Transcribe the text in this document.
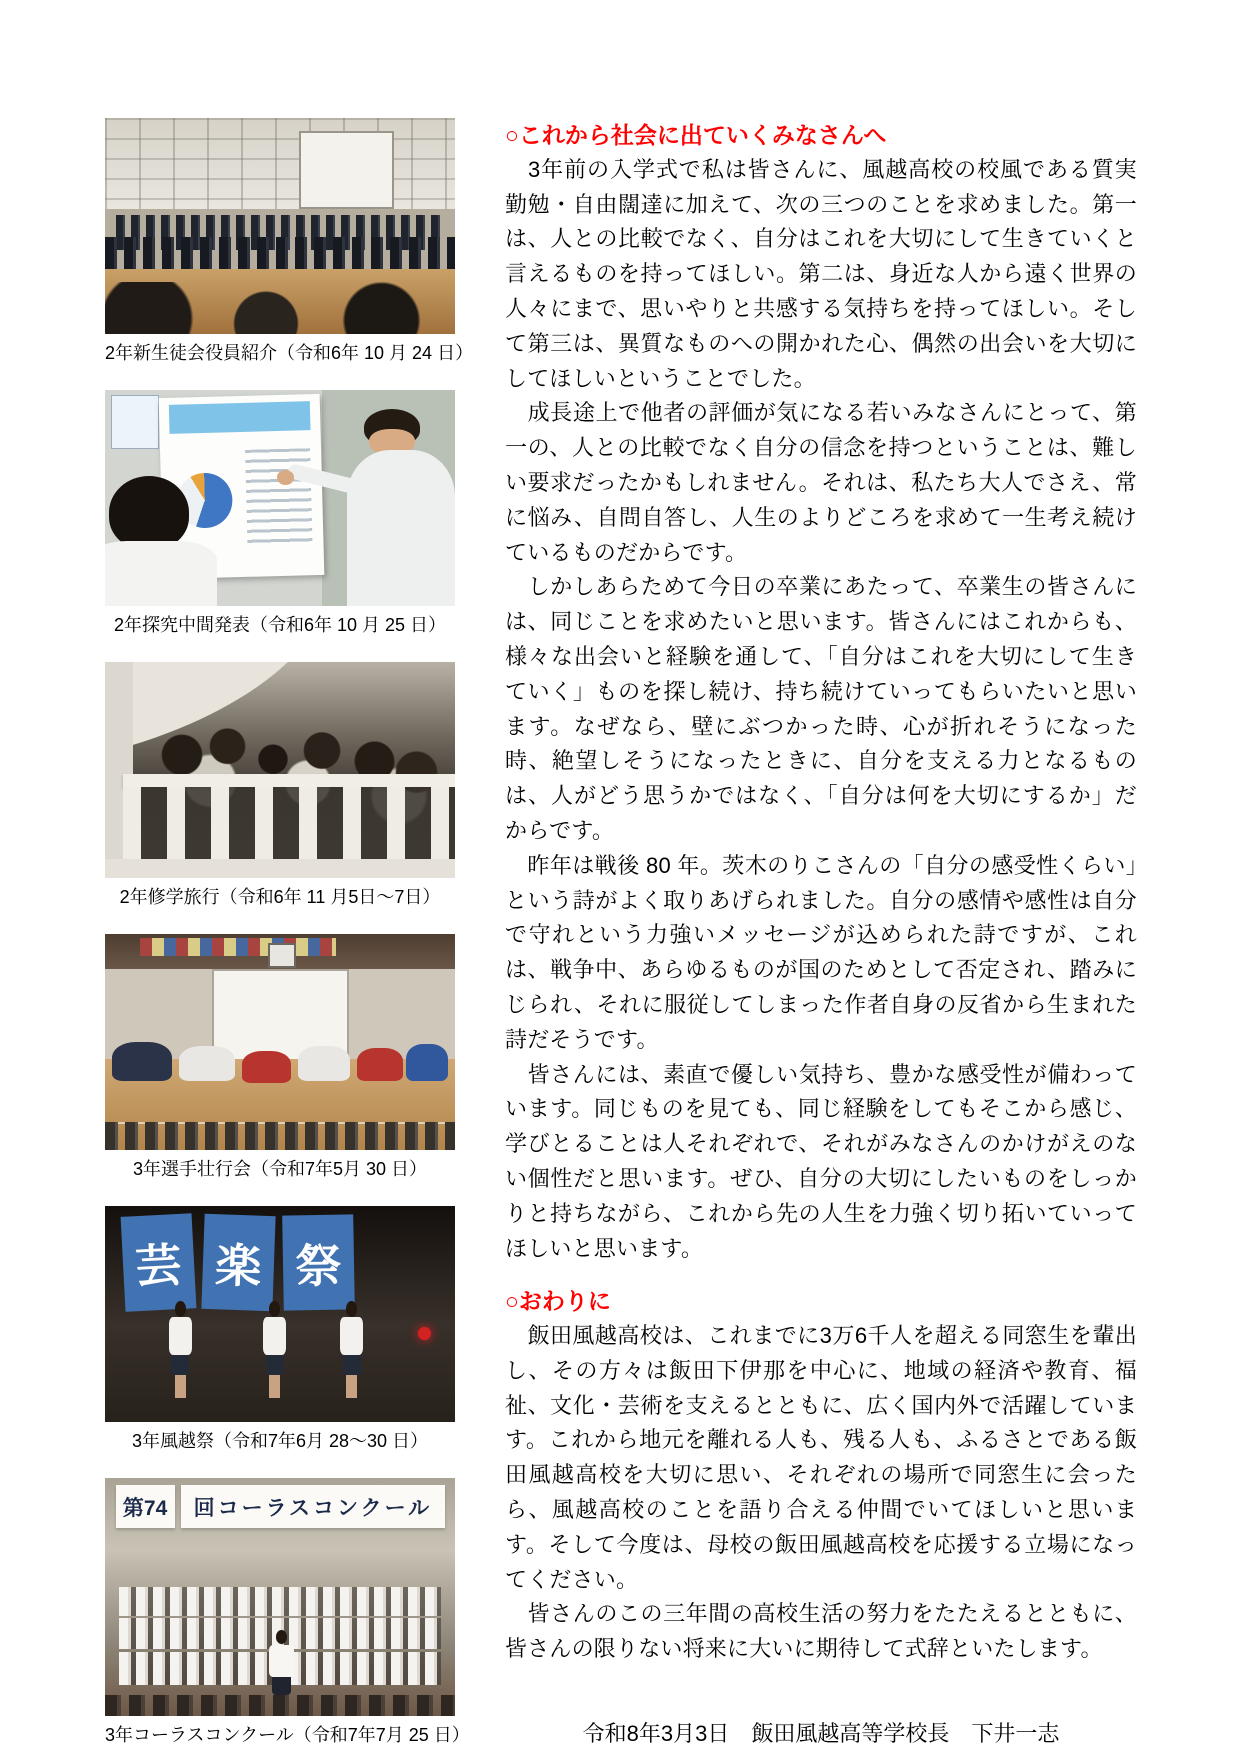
2年新生徒会役員紹介（令和6年 10 月 24 日）
2年探究中間発表（令和6年 10 月 25 日）
2年修学旅行（令和6年 11 月5日～7日）
3年選手壮行会（令和7年5月 30 日）
芸 楽 祭
3年風越祭（令和7年6月 28～30 日）
第74	回コーラスコンクール
3年コーラスコンクール（令和7年7月 25 日）
○これから社会に出ていくみなさんへ

　3年前の入学式で私は皆さんに、風越高校の校風である質実勤勉・自由闊達に加えて、次の三つのことを求めました。第一は、人との比較でなく、自分はこれを大切にして生きていくと言えるものを持ってほしい。第二は、身近な人から遠く世界の人々にまで、思いやりと共感する気持ちを持ってほしい。そして第三は、異質なものへの開かれた心、偶然の出会いを大切にしてほしいということでした。

　成長途上で他者の評価が気になる若いみなさんにとって、第一の、人との比較でなく自分の信念を持つということは、難しい要求だったかもしれません。それは、私たち大人でさえ、常に悩み、自問自答し、人生のよりどころを求めて一生考え続けているものだからです。

　しかしあらためて今日の卒業にあたって、卒業生の皆さんには、同じことを求めたいと思います。皆さんにはこれからも、様々な出会いと経験を通して、「自分はこれを大切にして生きていく」ものを探し続け、持ち続けていってもらいたいと思います。なぜなら、壁にぶつかった時、心が折れそうになった時、絶望しそうになったときに、自分を支える力となるものは、人がどう思うかではなく、「自分は何を大切にするか」だからです。

　昨年は戦後 80 年。茨木のりこさんの「自分の感受性くらい」という詩がよく取りあげられました。自分の感情や感性は自分で守れという力強いメッセージが込められた詩ですが、これは、戦争中、あらゆるものが国のためとして否定され、踏みにじられ、それに服従してしまった作者自身の反省から生まれた詩だそうです。

　皆さんには、素直で優しい気持ち、豊かな感受性が備わっています。同じものを見ても、同じ経験をしてもそこから感じ、学びとることは人それぞれで、それがみなさんのかけがえのない個性だと思います。ぜひ、自分の大切にしたいものをしっかりと持ちながら、これから先の人生を力強く切り拓いていってほしいと思います。

○おわりに

　飯田風越高校は、これまでに3万6千人を超える同窓生を輩出し、その方々は飯田下伊那を中心に、地域の経済や教育、福祉、文化・芸術を支えるとともに、広く国内外で活躍しています。これから地元を離れる人も、残る人も、ふるさとである飯田風越高校を大切に思い、それぞれの場所で同窓生に会ったら、風越高校のことを語り合える仲間でいてほしいと思います。そして今度は、母校の飯田風越高校を応援する立場になってください。

　皆さんのこの三年間の高校生活の努力をたたえるとともに、皆さんの限りない将来に大いに期待して式辞といたします。

令和8年3月3日　飯田風越高等学校長　下井一志
